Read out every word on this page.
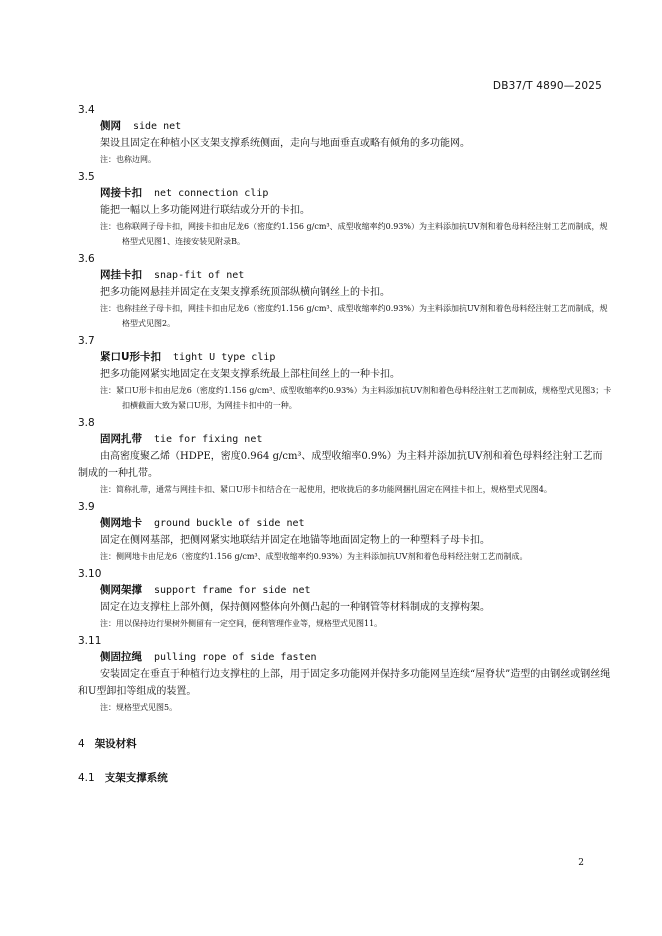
DB37/T 4890—2025
3.4
侧网 side net

架设且固定在种植小区支架支撑系统侧面，走向与地面垂直或略有倾角的多功能网。

注：也称边网。

3.5
网接卡扣 net connection clip

能把一幅以上多功能网进行联结或分开的卡扣。

注：也称联网子母卡扣，网接卡扣由尼龙6（密度约1.156 g/cm³、成型收缩率约0.93%）为主料添加抗UV剂和着色母料经注射工艺而制成，规格型式见图1、连接安装见附录B。

3.6
网挂卡扣 snap-fit of net

把多功能网悬挂并固定在支架支撑系统顶部纵横向钢丝上的卡扣。

注：也称挂丝子母卡扣，网挂卡扣由尼龙6（密度约1.156 g/cm³、成型收缩率约0.93%）为主料添加抗UV剂和着色母料经注射工艺而制成，规格型式见图2。

3.7
紧口U形卡扣 tight U type clip

把多功能网紧实地固定在支架支撑系统最上部柱间丝上的一种卡扣。

注：紧口U形卡扣由尼龙6（密度约1.156 g/cm³、成型收缩率约0.93%）为主料添加抗UV剂和着色母料经注射工艺而制成，规格型式见图3；卡扣横截面大致为紧口U形，为网挂卡扣中的一种。

3.8
固网扎带 tie for fixing net

由高密度聚乙烯（HDPE，密度0.964 g/cm³、成型收缩率0.9%）为主料并添加抗UV剂和着色母料经注射工艺而制成的一种扎带。

注：简称扎带，通常与网挂卡扣、紧口U形卡扣结合在一起使用，把收拢后的多功能网捆扎固定在网挂卡扣上，规格型式见图4。

3.9
侧网地卡 ground buckle of side net

固定在侧网基部，把侧网紧实地联结并固定在地锚等地面固定物上的一种塑料子母卡扣。

注：侧网地卡由尼龙6（密度约1.156 g/cm³、成型收缩率约0.93%）为主料添加抗UV剂和着色母料经注射工艺而制成。

3.10
侧网架撑 support frame for side net

固定在边支撑柱上部外侧，保持侧网整体向外侧凸起的一种钢管等材料制成的支撑构架。

注：用以保持边行果树外侧留有一定空间，便利管理作业等，规格型式见图11。

3.11
侧固拉绳 pulling rope of side fasten

安装固定在垂直于种植行边支撑柱的上部，用于固定多功能网并保持多功能网呈连续“屋脊状”造型的由钢丝或钢丝绳和U型卸扣等组成的装置。

注：规格型式见图5。

4 架设材料
4.1 支架支撑系统
2
